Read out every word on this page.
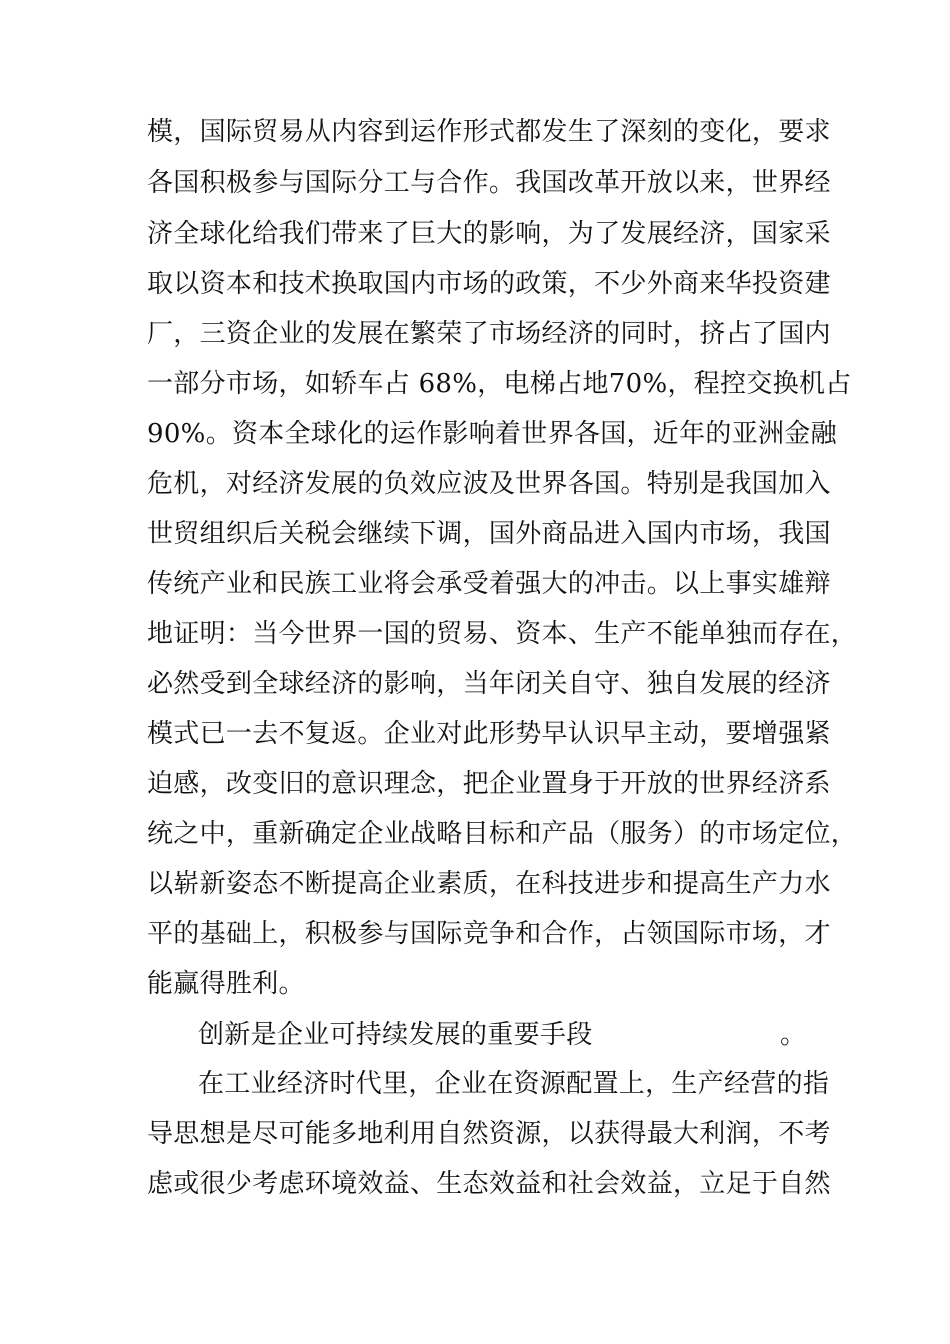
模，国际贸易从内容到运作形式都发生了深刻的变化，要求
各国积极参与国际分工与合作。我国改革开放以来，世界经
济全球化给我们带来了巨大的影响，为了发展经济，国家采
取以资本和技术换取国内市场的政策，不少外商来华投资建
厂，三资企业的发展在繁荣了市场经济的同时，挤占了国内
一部分市场，如轿车占 68%，电梯占地70%，程控交换机占
90%。资本全球化的运作影响着世界各国，近年的亚洲金融
危机，对经济发展的负效应波及世界各国。特别是我国加入
世贸组织后关税会继续下调，国外商品进入国内市场，我国
传统产业和民族工业将会承受着强大的冲击。以上事实雄辩
地证明：当今世界一国的贸易、资本、生产不能单独而存在，
必然受到全球经济的影响，当年闭关自守、独自发展的经济
模式已一去不复返。企业对此形势早认识早主动，要增强紧
迫感，改变旧的意识理念，把企业置身于开放的世界经济系
统之中，重新确定企业战略目标和产品（服务）的市场定位，
以崭新姿态不断提高企业素质，在科技进步和提高生产力水
平的基础上，积极参与国际竞争和合作，占领国际市场，才
能赢得胜利。
创新是企业可持续发展的重要手段	。
在工业经济时代里，企业在资源配置上，生产经营的指
导思想是尽可能多地利用自然资源，以获得最大利润，不考
虑或很少考虑环境效益、生态效益和社会效益，立足于自然
